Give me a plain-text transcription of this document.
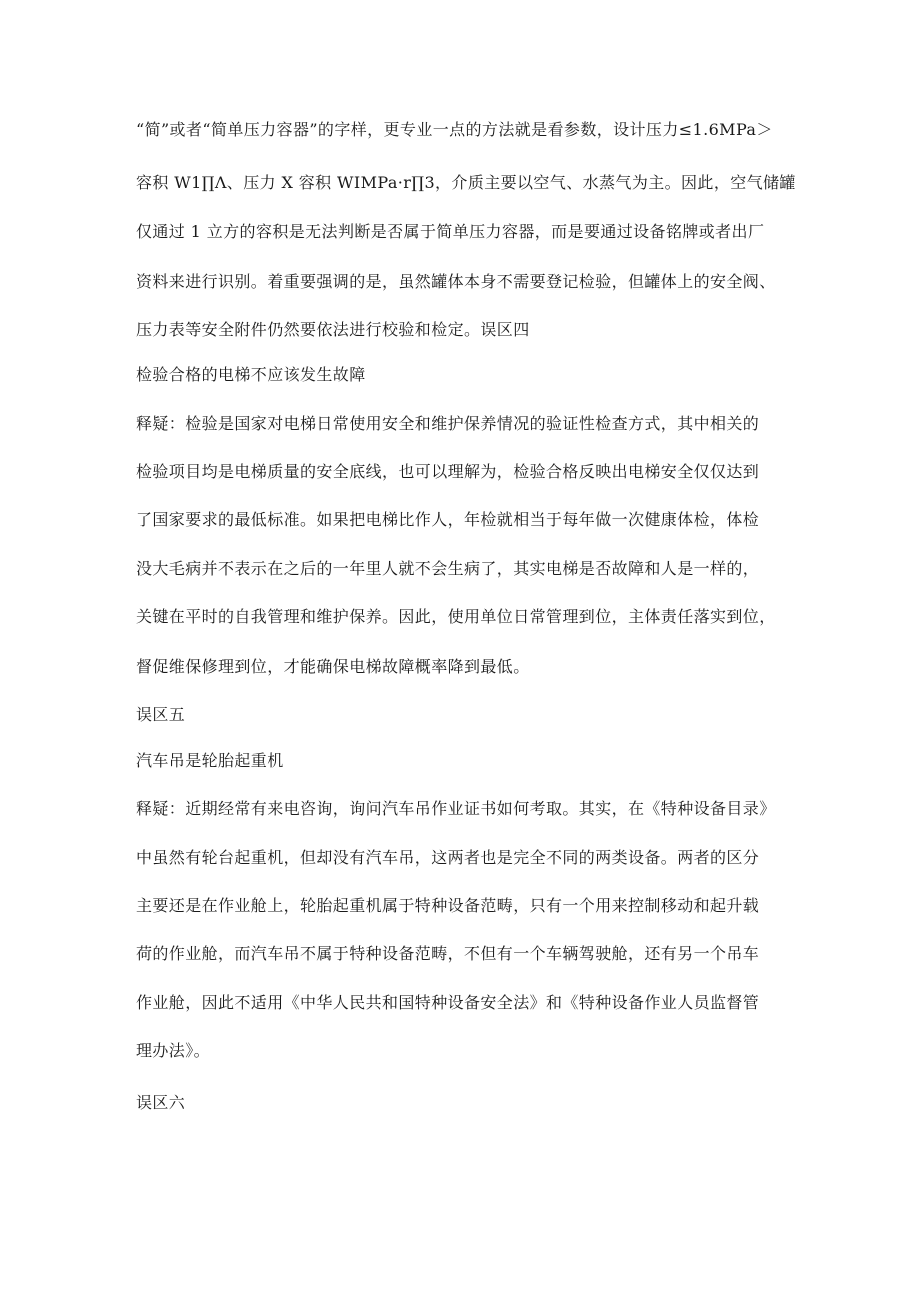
“简”或者“简单压力容器”的字样，更专业一点的方法就是看参数，设计压力≤1.6MPa＞
容积 W1∏Λ、压力 X 容积 WIMPa·r∏3，介质主要以空气、水蒸气为主。因此，空气储罐
仅通过 1 立方的容积是无法判断是否属于简单压力容器，而是要通过设备铭牌或者出厂
资料来进行识别。着重要强调的是，虽然罐体本身不需要登记检验，但罐体上的安全阀、
压力表等安全附件仍然要依法进行校验和检定。误区四
检验合格的电梯不应该发生故障
释疑：检验是国家对电梯日常使用安全和维护保养情况的验证性检查方式，其中相关的
检验项目均是电梯质量的安全底线，也可以理解为，检验合格反映出电梯安全仅仅达到
了国家要求的最低标准。如果把电梯比作人，年检就相当于每年做一次健康体检，体检
没大毛病并不表示在之后的一年里人就不会生病了，其实电梯是否故障和人是一样的，
关键在平时的自我管理和维护保养。因此，使用单位日常管理到位，主体责任落实到位，
督促维保修理到位，才能确保电梯故障概率降到最低。
误区五
汽车吊是轮胎起重机
释疑：近期经常有来电咨询，询问汽车吊作业证书如何考取。其实，在《特种设备目录》
中虽然有轮台起重机，但却没有汽车吊，这两者也是完全不同的两类设备。两者的区分
主要还是在作业舱上，轮胎起重机属于特种设备范畴，只有一个用来控制移动和起升载
荷的作业舱，而汽车吊不属于特种设备范畴，不但有一个车辆驾驶舱，还有另一个吊车
作业舱，因此不适用《中华人民共和国特种设备安全法》和《特种设备作业人员监督管
理办法》。
误区六
